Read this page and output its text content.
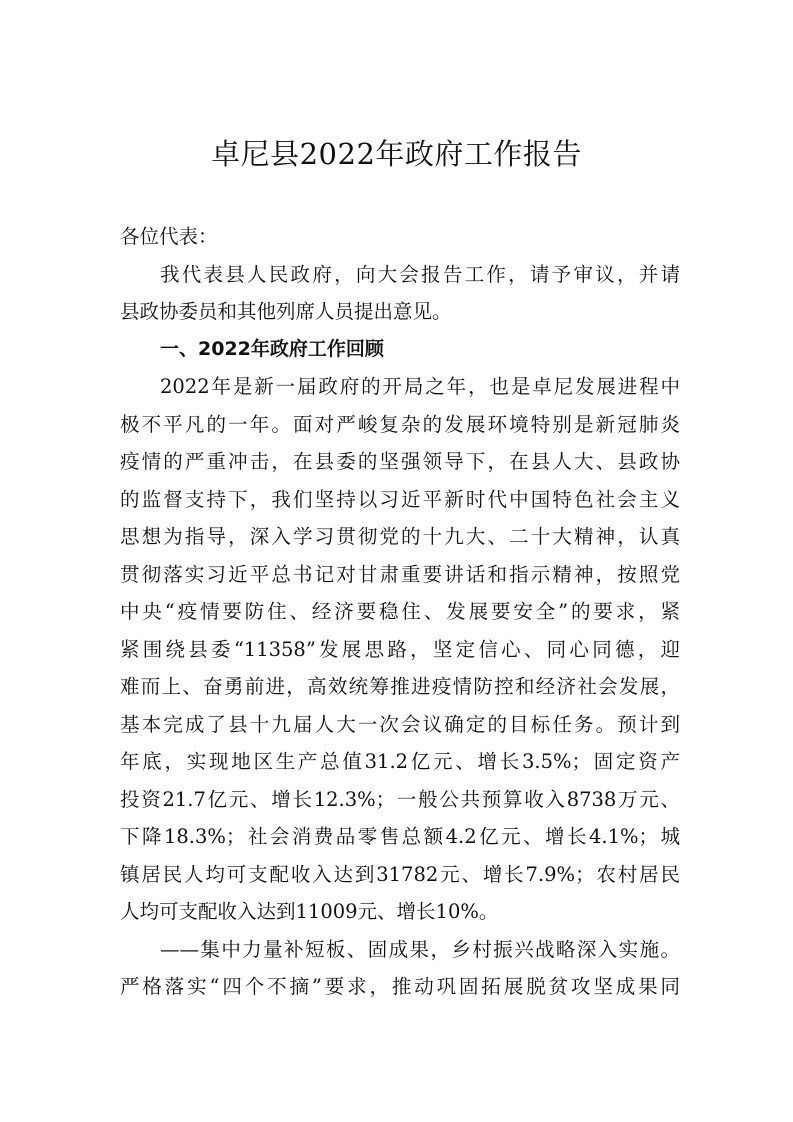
卓尼县2022年政府工作报告
各位代表：
我代表县人民政府，向大会报告工作，请予审议，并请
县政协委员和其他列席人员提出意见。
一、2022年政府工作回顾
2022年是新一届政府的开局之年，也是卓尼发展进程中
极不平凡的一年。面对严峻复杂的发展环境特别是新冠肺炎
疫情的严重冲击，在县委的坚强领导下，在县人大、县政协
的监督支持下，我们坚持以习近平新时代中国特色社会主义
思想为指导，深入学习贯彻党的十九大、二十大精神，认真
贯彻落实习近平总书记对甘肃重要讲话和指示精神，按照党
中央“疫情要防住、经济要稳住、发展要安全”的要求，紧
紧围绕县委“11358”发展思路，坚定信心、同心同德，迎
难而上、奋勇前进，高效统筹推进疫情防控和经济社会发展，
基本完成了县十九届人大一次会议确定的目标任务。预计到
年底，实现地区生产总值31.2亿元、增长3.5%；固定资产
投资21.7亿元、增长12.3%；一般公共预算收入8738万元、
下降18.3%；社会消费品零售总额4.2亿元、增长4.1%；城
镇居民人均可支配收入达到31782元、增长7.9%；农村居民
人均可支配收入达到11009元、增长10%。
——集中力量补短板、固成果，乡村振兴战略深入实施。
严格落实“四个不摘”要求，推动巩固拓展脱贫攻坚成果同
